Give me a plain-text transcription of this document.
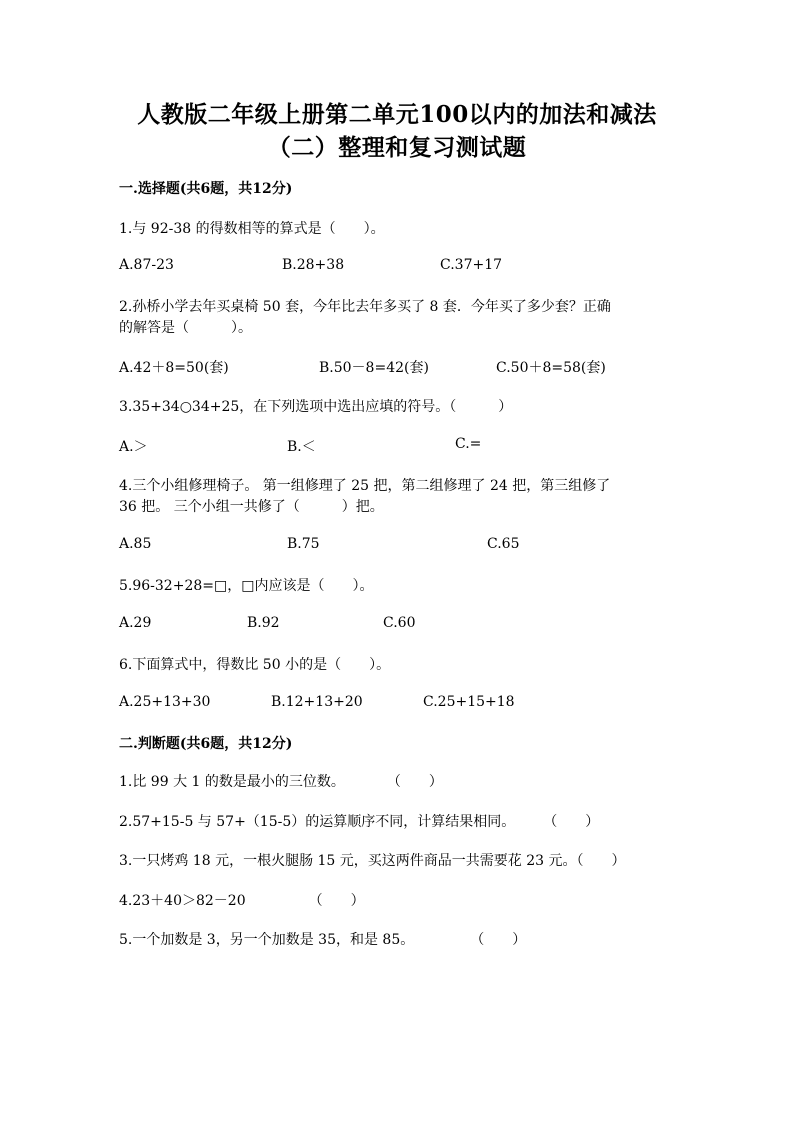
人教版二年级上册第二单元100以内的加法和减法
（二）整理和复习测试题
一.选择题(共6题，共12分)
1.与 92-38 的得数相等的算式是（　　）。
A.87-23	B.28+38	C.37+17
2.孙桥小学去年买桌椅 50 套，今年比去年多买了 8 套．今年买了多少套？正确
的解答是（　　　）。
A.42＋8=50(套)	B.50－8=42(套)	C.50＋8=58(套)
3.35+34○34+25，在下列选项中选出应填的符号。（　　　）
A.＞	B.＜	C.=
4.三个小组修理椅子。 第一组修理了 25 把，第二组修理了 24 把，第三组修了
36 把。 三个小组一共修了（　　　）把。
A.85	B.75	C.65
5.96-32+28=□，□内应该是（　　）。
A.29	B.92	C.60
6.下面算式中，得数比 50 小的是（　　）。
A.25+13+30	B.12+13+20	C.25+15+18
二.判断题(共6题，共12分)
1.比 99 大 1 的数是最小的三位数。　　　　（　　）
2.57+15-5 与 57+（15-5）的运算顺序不同，计算结果相同。　　　（　　）
3.一只烤鸡 18 元，一根火腿肠 15 元，买这两件商品一共需要花 23 元。（　　）
4.23＋40＞82－20　　　　　（　　）
5.一个加数是 3，另一个加数是 35，和是 85。　　　　　（　　）
